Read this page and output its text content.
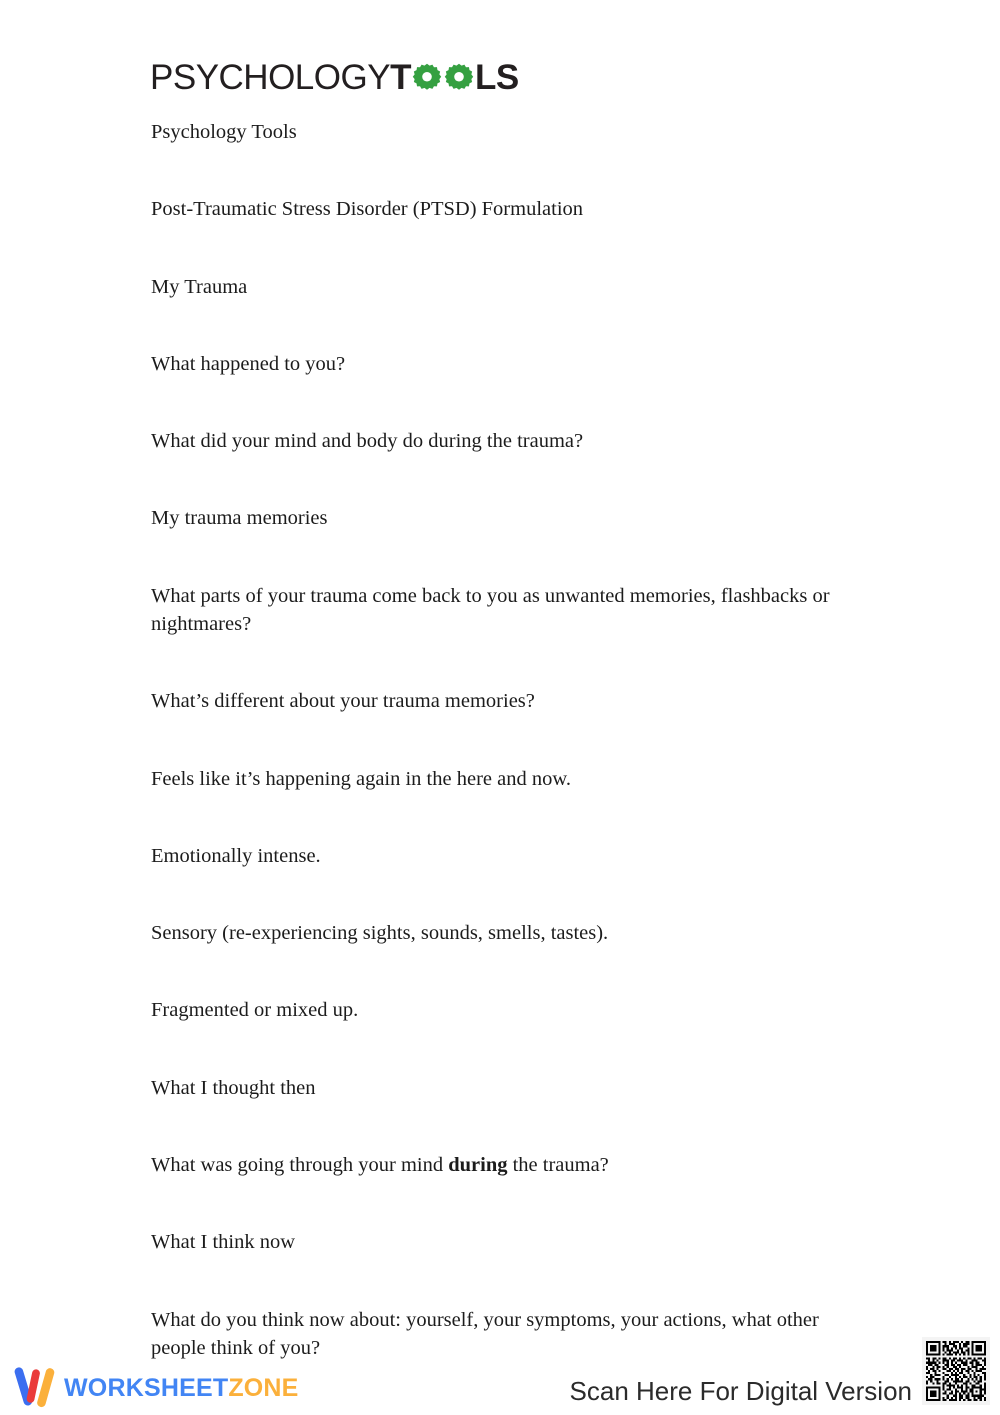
PSYCHOLOGY T LS

Psychology Tools

Post-Traumatic Stress Disorder (PTSD) Formulation

My Trauma

What happened to you?

What did your mind and body do during the trauma?

My trauma memories

What parts of your trauma come back to you as unwanted memories, flashbacks or nightmares?

What’s different about your trauma memories?

Feels like it’s happening again in the here and now.

Emotionally intense.

Sensory (re-experiencing sights, sounds, smells, tastes).

Fragmented or mixed up.

What I thought then

What was going through your mind during the trauma?

What I think now

What do you think now about: yourself, your symptoms, your actions, what other people think of you?

WORKSHEETZONE	Scan Here For Digital Version
